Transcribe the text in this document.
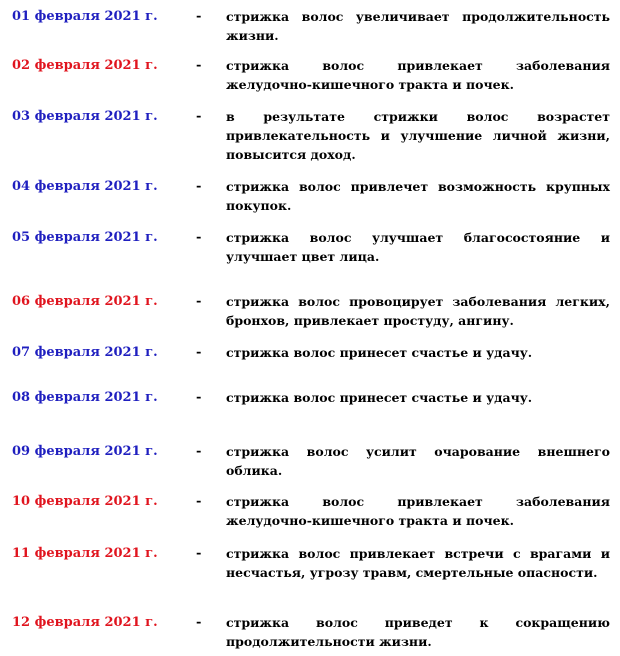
01 февраля 2021 г.	- стрижка волос увеличивает продолжительность жизни.
02 февраля 2021 г.	- стрижка волос привлекает заболевания желудочно-кишечного тракта и почек.
03 февраля 2021 г.	- в результате стрижки волос возрастет привлекательность и улучшение личной жизни, повысится доход.
04 февраля 2021 г.	- стрижка волос привлечет возможность крупных покупок.
05 февраля 2021 г.	- стрижка волос улучшает благосостояние и улучшает цвет лица.
06 февраля 2021 г.	- стрижка волос провоцирует заболевания легких, бронхов, привлекает простуду, ангину.
07 февраля 2021 г.	- стрижка волос принесет счастье и удачу.
08 февраля 2021 г.	- стрижка волос принесет счастье и удачу.
09 февраля 2021 г.	- стрижка волос усилит очарование внешнего облика.
10 февраля 2021 г.	- стрижка волос привлекает заболевания желудочно-кишечного тракта и почек.
11 февраля 2021 г.	- стрижка волос привлекает встречи с врагами и несчастья, угрозу травм, смертельные опасности.
12 февраля 2021 г.	- стрижка волос приведет к сокращению продолжительности жизни.
